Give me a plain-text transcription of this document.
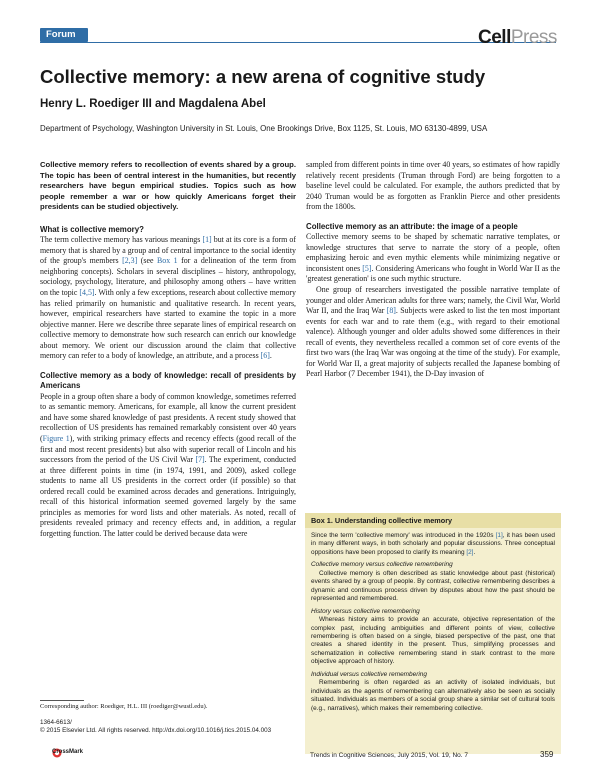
Forum	CellPress
Collective memory: a new arena of cognitive study
Henry L. Roediger III and Magdalena Abel
Department of Psychology, Washington University in St. Louis, One Brookings Drive, Box 1125, St. Louis, MO 63130-4899, USA

Collective memory refers to recollection of events shared by a group. The topic has been of central interest in the humanities, but recently researchers have begun empirical studies. Topics such as how people remember a war or how quickly Americans forget their presidents can be studied objectively.

What is collective memory?

The term collective memory has various meanings [1] but at its core is a form of memory that is shared by a group and of central importance to the social identity of the group's members [2,3] (see Box 1 for a delineation of the term from neighboring concepts). Scholars in several disciplines – history, anthropology, sociology, psychology, literature, and philosophy among others – have written on the topic [4,5]. With only a few exceptions, research about collective memory has relied primarily on humanistic and qualitative research. In recent years, however, empirical researchers have started to examine the topic in a more objective manner. Here we describe three separate lines of empirical research on collective memory to demonstrate how such research can enrich our knowledge about memory. We orient our discussion around the claim that collective memory can refer to a body of knowledge, an attribute, and a process [6].

Collective memory as a body of knowledge: recall of presidents by Americans

People in a group often share a body of common knowledge, sometimes referred to as semantic memory. Americans, for example, all know the current president and have some shared knowledge of past presidents. A recent study showed that recollection of US presidents has remained remarkably consistent over 40 years (Figure 1), with striking primacy effects and recency effects (good recall of the first and most recent presidents) but also with superior recall of Lincoln and his successors from the period of the US Civil War [7]. The experiment, conducted at three different points in time (in 1974, 1991, and 2009), asked college students to name all US presidents in the correct order (if possible) so that ordered recall could be examined across decades and generations. Intriguingly, recall of this historical information seemed governed largely by the same principles as memories for word lists and other materials. As noted, recall of presidents revealed primacy and recency effects and, in addition, a regular forgetting function. The latter could be derived because data were

sampled from different points in time over 40 years, so estimates of how rapidly relatively recent presidents (Truman through Ford) are being forgotten to a baseline level could be calculated. For example, the authors predicted that by 2040 Truman would be as forgotten as Franklin Pierce and other presidents from the 1800s.

Collective memory as an attribute: the image of a people

Collective memory seems to be shaped by schematic narrative templates, or knowledge structures that serve to narrate the story of a people, often emphasizing heroic and even mythic elements while minimizing negative or inconsistent ones [5]. Considering Americans who fought in World War II as the 'greatest generation' is one such mythic structure.

One group of researchers investigated the possible narrative template of younger and older American adults for three wars; namely, the Civil War, World War II, and the Iraq War [8]. Subjects were asked to list the ten most important events for each war and to rate them (e.g., with regard to their emotional valence). Although younger and older adults showed some differences in their recall of events, they nevertheless recalled a common set of core events of the first two wars (the Iraq War was ongoing at the time of the study). For example, for World War II, a great majority of subjects recalled the Japanese bombing of Pearl Harbor (7 December 1941), the D-Day invasion of

Box 1. Understanding collective memory

Since the term 'collective memory' was introduced in the 1920s [1], it has been used in many different ways, in both scholarly and popular discussions. Three conceptual oppositions have been proposed to clarify its meaning [2].

Collective memory versus collective remembering

Collective memory is often described as static knowledge about past (historical) events shared by a group of people. By contrast, collective remembering describes a dynamic and continuous process driven by disputes about how the past should be represented and remembered.

History versus collective remembering

Whereas history aims to provide an accurate, objective representation of the complex past, including ambiguities and different points of view, collective remembering is often based on a single, biased perspective of the past, one that creates a shared identity in the present. Thus, simplifying processes and schematization in collective remembering stand in stark contrast to the more objective approach of history.

Individual versus collective remembering

Remembering is often regarded as an activity of isolated individuals, but individuals as the agents of remembering can alternatively also be seen as socially situated. Individuals as members of a social group share a similar set of cultural tools (e.g., narratives), which makes their remembering collective.

Corresponding author: Roediger, H.L. III (roediger@wustl.edu).
1364-6613/
© 2015 Elsevier Ltd. All rights reserved. http://dx.doi.org/10.1016/j.tics.2015.04.003
CrossMark	Trends in Cognitive Sciences, July 2015, Vol. 19, No. 7	359
